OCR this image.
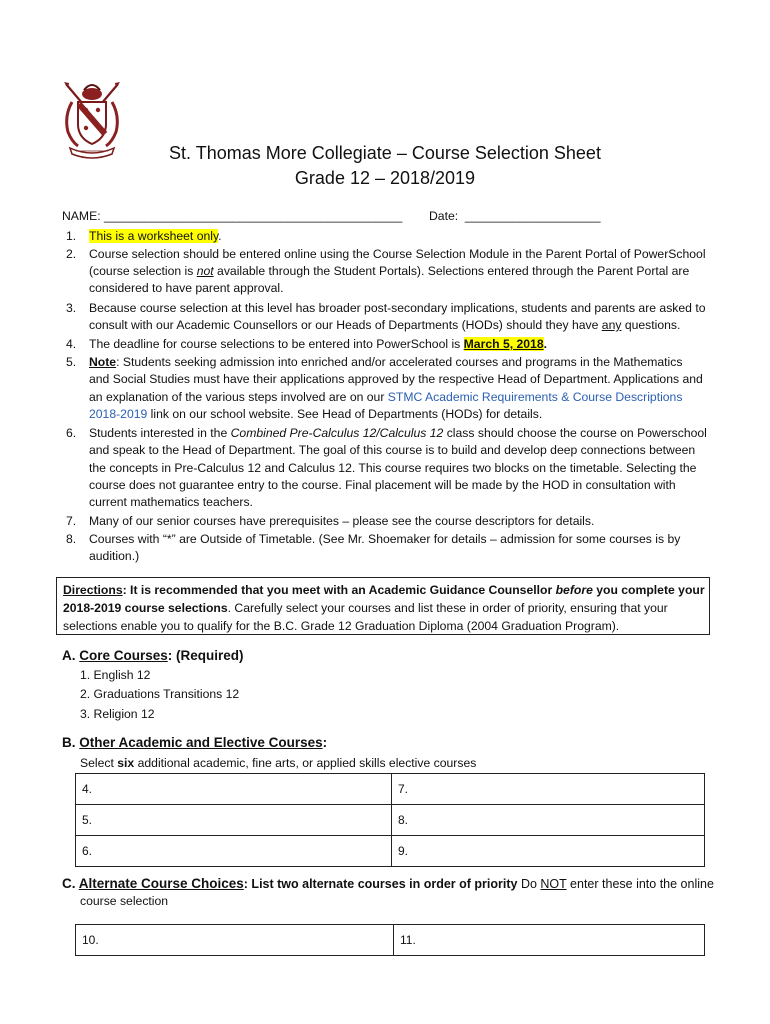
St. Thomas More Collegiate – Course Selection Sheet
Grade 12 – 2018/2019
NAME: ____________________________________________ Date: ____________________
1. This is a worksheet only.
2. Course selection should be entered online using the Course Selection Module in the Parent Portal of PowerSchool
(course selection is not available through the Student Portals). Selections entered through the Parent Portal are
considered to have parent approval.
3. Because course selection at this level has broader post-secondary implications, students and parents are asked to
consult with our Academic Counsellors or our Heads of Departments (HODs) should they have any questions.
4. The deadline for course selections to be entered into PowerSchool is March 5, 2018.
5. Note: Students seeking admission into enriched and/or accelerated courses and programs in the Mathematics
and Social Studies must have their applications approved by the respective Head of Department. Applications and
an explanation of the various steps involved are on our STMC Academic Requirements & Course Descriptions
2018-2019 link on our school website. See Head of Departments (HODs) for details.
6. Students interested in the Combined Pre-Calculus 12/Calculus 12 class should choose the course on Powerschool
and speak to the Head of Department. The goal of this course is to build and develop deep connections between
the concepts in Pre-Calculus 12 and Calculus 12. This course requires two blocks on the timetable. Selecting the
course does not guarantee entry to the course. Final placement will be made by the HOD in consultation with
current mathematics teachers.
7. Many of our senior courses have prerequisites – please see the course descriptors for details.
8. Courses with “*” are Outside of Timetable. (See Mr. Shoemaker for details – admission for some courses is by
audition.)
Directions: It is recommended that you meet with an Academic Guidance Counsellor before you complete your
2018-2019 course selections. Carefully select your courses and list these in order of priority, ensuring that your
selections enable you to qualify for the B.C. Grade 12 Graduation Diploma (2004 Graduation Program).
A. Core Courses: (Required)
1. English 12
2. Graduations Transitions 12
3. Religion 12
B. Other Academic and Elective Courses:
Select six additional academic, fine arts, or applied skills elective courses
4.	7.
5.	8.
6.	9.
C. Alternate Course Choices: List two alternate courses in order of priority Do NOT enter these into the online
course selection
10.	11.
